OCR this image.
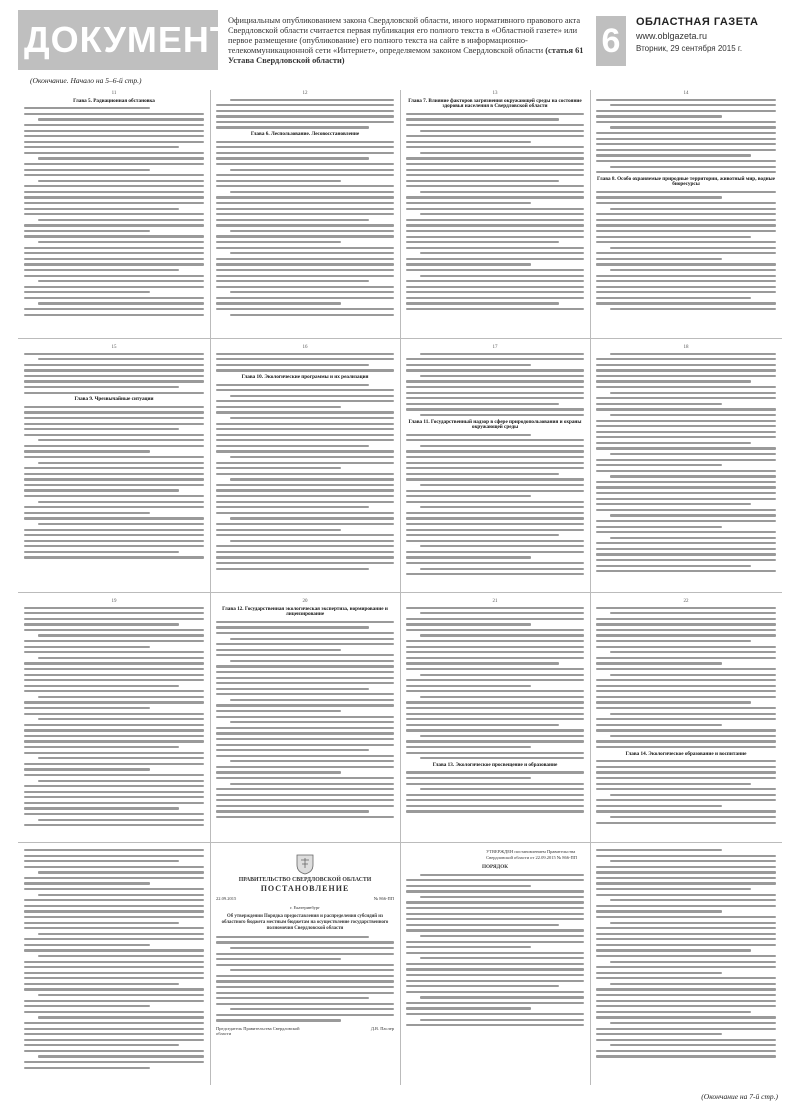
ДОКУМЕНТЫ
Официальным опубликованием закона Свердловской области, иного нормативного правового акта Свердловской области считается первая публикация его полного текста в «Областной газете» или первое размещение (опубликование) его полного текста на сайте в информационно-телекоммуникационной сети «Интернет», определяемом законом Свердловской области (статья 61 Устава Свердловской области)
6	ОБЛАСТНАЯ ГАЗЕТА
www.oblgazeta.ru
Вторник, 29 сентября 2015 г.
(Окончание. Начало на 5–6-й стр.)
11
Глава 5. Радиационная обстановка
12
Глава 6. Леспользование. Лесовосстановление
13
Глава 7. Влияние факторов загрязнения окружающей среды на состояние здоровья населения в Свердловской области
14
Глава 8. Особо охраняемые природные территории, животный мир, водные биоресурсы
15
Глава 9. Чрезвычайные ситуации
16
Глава 10. Экологические программы и их реализация
17
Глава 11. Государственный надзор в сфере природопользования и охраны окружающей среды
18
19	20
Глава 12. Государственная экологическая экспертиза, нормирование и лицензирование
21
Глава 13. Экологическое просвещение и образование
22
Глава 14. Экологическое образование и воспитание
ПРАВИТЕЛЬСТВО СВЕРДЛОВСКОЙ ОБЛАСТИ
ПОСТАНОВЛЕНИЕ
22.09.2015	№ 866-ПП
г. Екатеринбург
Об утверждении Порядка предоставления и распределения субсидий из областного бюджета местным бюджетам на осуществление государственного полномочия Свердловской области
Председатель Правительства Свердловской области
Д.В. Паслер
УТВЕРЖДЕН постановлением Правительства Свердловской области от 22.09.2015 № 866-ПП
ПОРЯДОК
(Окончание на 7-й стр.)
